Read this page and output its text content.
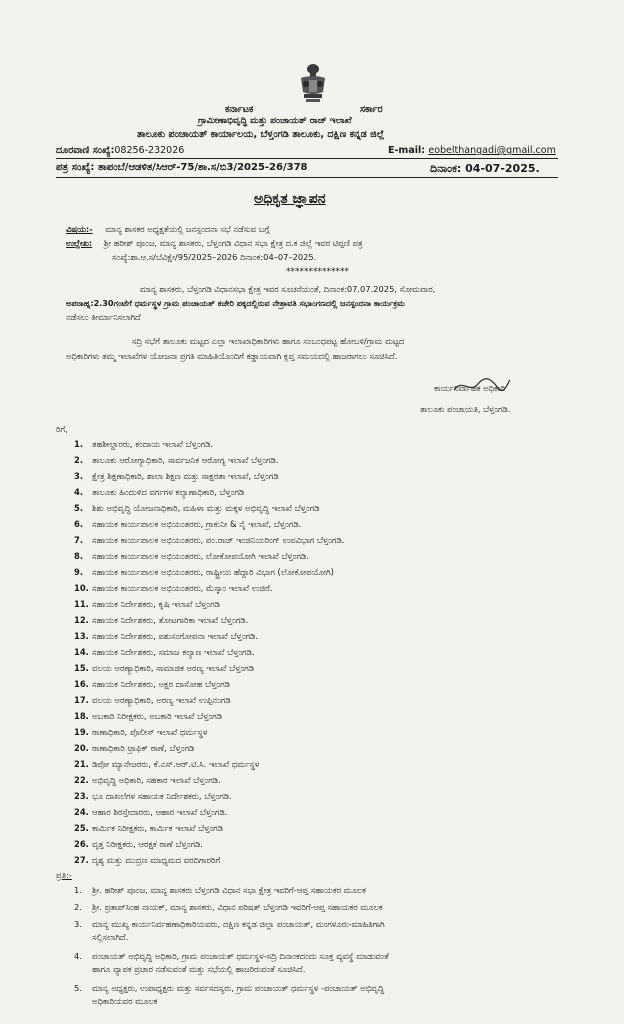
ಕರ್ನಾಟಕ	ಸರ್ಕಾರ
ಗ್ರಾಮೀಣಾಭಿವೃದ್ಧಿ ಮತ್ತು ಪಂಚಾಯತ್ ರಾಜ್ ಇಲಾಖೆ
ತಾಲೂಕು ಪಂಚಾಯತ್ ಕಾರ್ಯಾಲಯ, ಬೆಳ್ತಂಗಡಿ ತಾಲೂಕು, ದಕ್ಷಿಣ ಕನ್ನಡ ಜಿಲ್ಲೆ
ದೂರವಾಣಿ ಸಂಖ್ಯೆ:08256-232026	E-mail: eobelthangadi@gmail.com
ಪತ್ರ ಸಂಖ್ಯೆ: ತಾಪಂಬೆ/ಆಡಳಿತ/ಸಿಆರ್-75/ಶಾ.ಸ/ಬಿ3/2025-26/378	ದಿನಾಂಕ: 04-07-2025.
ಅಧಿಕೃತ ಜ್ಞಾಪನ
ವಿಷಯ:- ಮಾನ್ಯ ಶಾಸಕರ ಅಧ್ಯಕ್ಷತೆಯಲ್ಲಿ ಜನಸ್ಪಂದನಾ ಸಭೆ ನಡೆಸುವ ಬಗ್ಗೆ
ಉಲ್ಲೇಖ: ಶ್ರೀ ಹರೀಶ್ ಪೂಂಜ, ಮಾನ್ಯ ಶಾಸಕರು, ಬೆಳ್ತಂಗಡಿ ವಿಧಾನ ಸಭಾ ಕ್ಷೇತ್ರ ದ.ಕ ಜಿಲ್ಲೆ ಇವರ ಟಿಪ್ಪಣಿ ಪತ್ರ
ಸಂಖ್ಯೆ:ಶಾ.ಆ.ಸ/ಬೆವಿಕ್ಷೇ/95/2025–2026 ದಿನಾಂಕ:04–07–2025.
**************
ಮಾನ್ಯ ಶಾಸಕರು, ಬೆಳ್ತಂಗಡಿ ವಿಧಾನಸಭಾ ಕ್ಷೇತ್ರ ಇವರ ಸೂಚನೆಯಂತೆ, ದಿನಾಂಕ:07.07.2025, ಸೋಮವಾರ,
ಅಪರಾಹ್ನ:2.30ಗಂಟೆಗೆ ಧರ್ಮಸ್ಥಳ ಗ್ರಾಮ ಪಂಚಾಯತ್ ಕಚೇರಿ ಪಕ್ಕದಲ್ಲಿರುವ ನೇತ್ರಾವತಿ ಸಭಾಂಗಣದಲ್ಲಿ ಜನಸ್ಪಂದನಾ ಕಾರ್ಯಕ್ರಮ
ನಡೆಸಲು ತೀರ್ಮಾನಿಸಲಾಗಿದೆ
ಸದ್ರಿ ಸಭೆಗೆ ತಾಲೂಕು ಮಟ್ಟದ ಎಲ್ಲಾ ಇಲಾಖಾಧಿಕಾರಿಗಳು ಹಾಗೂ ಸಂಬಂಧಪಟ್ಟ ಹೋಬಳಿ/ಗ್ರಾಮ ಮಟ್ಟದ
ಅಧಿಕಾರಿಗಳು ತಮ್ಮ ಇಲಾಖೆಗಳ ಯೋಜನಾ ಪ್ರಗತಿ ಮಾಹಿತಿಯೊಂದಿಗೆ ಕಡ್ಡಾಯವಾಗಿ ಕ್ಲಪ್ತ ಸಮಯದಲ್ಲಿ ಹಾಜರಾಗಲು ಸೂಚಿಸಿದೆ.
ಕಾರ್ಯನಿರ್ವಾಹಕ ಅಧಿಕಾರಿ
ತಾಲೂಕು ಪಂಚಾಯತಿ, ಬೆಳ್ತಂಗಡಿ.
ರಿಗೆ,
1. ತಹಶೀಲ್ದಾರರು, ಕಂದಾಯ ಇಲಾಖೆ ಬೆಳ್ತಂಗಡಿ.
2. ತಾಲೂಕು ಆರೋಗ್ಯಾಧಿಕಾರಿ, ಸಾರ್ವಜನಿಕ ಆರೋಗ್ಯ ಇಲಾಖೆ ಬೆಳ್ತಂಗಡಿ.
3. ಕ್ಷೇತ್ರ ಶಿಕ್ಷಣಾಧಿಕಾರಿ, ಶಾಲಾ ಶಿಕ್ಷಣ ಮತ್ತು ಸಾಕ್ಷರತಾ ಇಲಾಖೆ, ಬೆಳ್ತಂಗಡಿ
4. ತಾಲೂಕು ಹಿಂದುಳಿದ ವರ್ಗಗಳ ಕಲ್ಯಾಣಾಧಿಕಾರಿ, ಬೆಳ್ತಂಗಡಿ
5. ಶಿಶು ಅಭಿವೃದ್ಧಿ ಯೋಜನಾಧಿಕಾರಿ, ಮಹಿಳಾ ಮತ್ತು ಮಕ್ಕಳ ಅಭಿವೃದ್ಧಿ ಇಲಾಖೆ ಬೆಳ್ತಂಗಡಿ
6. ಸಹಾಯಕ ಕಾರ್ಯಪಾಲಕ ಅಭಿಯಂತರರು, ಗ್ರಾಕುನೀ & ನೈ ಇಲಾಖೆ, ಬೆಳ್ತಂಗಡಿ.
7. ಸಹಾಯಕ ಕಾರ್ಯಪಾಲಕ ಅಭಿಯಂತರರು, ಪಂ.ರಾಜ್ ಇಂಜಿನಿಯರಿಂಗ್ ಉಪವಿಭಾಗ ಬೆಳ್ತಂಗಡಿ.
8. ಸಹಾಯಕ ಕಾರ್ಯಪಾಲಕ ಅಭಿಯಂತರರು, ಲೋಕೋಪಯೋಗಿ ಇಲಾಖೆ ಬೆಳ್ತಂಗಡಿ.
9. ಸಹಾಯಕ ಕಾರ್ಯಪಾಲಕ ಅಭಿಯಂತರರು, ರಾಷ್ಟ್ರೀಯ ಹೆದ್ದಾರಿ ವಿಭಾಗ (ಲೋಕೋಪಯೋಗಿ)
10. ಸಹಾಯಕ ಕಾರ್ಯಪಾಲಕ ಅಭಿಯಂತರರು, ಮೆಸ್ಕಾಂ ಇಲಾಖೆ ಉಜಿರೆ.
11. ಸಹಾಯಕ ನಿರ್ದೇಶಕರು, ಕೃಷಿ ಇಲಾಖೆ ಬೆಳ್ತಂಗಡಿ
12. ಸಹಾಯಕ ನಿರ್ದೇಶಕರು, ತೋಟಗಾರಿಕಾ ಇಲಾಖೆ ಬೆಳ್ತಂಗಡಿ.
13. ಸಹಾಯಕ ನಿರ್ದೇಶಕರು, ಪಶುಸಂಗೋಪನಾ ಇಲಾಖೆ ಬೆಳ್ತಂಗಡಿ.
14. ಸಹಾಯಕ ನಿರ್ದೇಶಕರು, ಸಮಾಜ ಕಲ್ಯಾಣ ಇಲಾಖೆ ಬೆಳ್ತಂಗಡಿ.
15. ವಲಯ ಅರಣ್ಯಾಧಿಕಾರಿ, ಸಾಮಾಜಿಕ ಅರಣ್ಯ ಇಲಾಖೆ ಬೆಳ್ತಂಗಡಿ
16. ಸಹಾಯಕ ನಿರ್ದೇಶಕರು, ಅಕ್ಷರ ದಾಸೋಹ ಬೆಳ್ತಂಗಡಿ
17. ವಲಯ ಅರಣ್ಯಾಧಿಕಾರಿ, ಅರಣ್ಯ ಇಲಾಖೆ ಉಪ್ಪಿನಂಗಡಿ
18. ಅಬಕಾರಿ ನಿರೀಕ್ಷಕರು, ಅಬಕಾರಿ ಇಲಾಖೆ ಬೆಳ್ತಂಗಡಿ
19. ಠಾಣಾಧಿಕಾರಿ, ಪೊಲೀಸ್ ಇಲಾಖೆ ಧರ್ಮಸ್ಥಳ
20. ಠಾಣಾಧಿಕಾರಿ ಟ್ರಾಫಿಕ್ ಠಾಣೆ, ಬೆಳ್ತಂಗಡಿ
21. ಡಿಪೋ ಮ್ಯಾನೇಜರರು, ಕೆ.ಎಸ್.ಆರ್.ಟಿ.ಸಿ. ಇಲಾಖೆ ಧರ್ಮಸ್ಥಳ
22. ಅಭಿವೃದ್ಧಿ ಅಧಿಕಾರಿ, ಸಹಕಾರ ಇಲಾಖೆ ಬೆಳ್ತಂಗಡಿ.
23. ಭೂ ದಾಖಲೆಗಳ ಸಹಾಯಕ ನಿರ್ದೇಶಕರು, ಬೆಳ್ತಂಗಡಿ.
24. ಆಹಾರ ಶಿರಸ್ತೇದಾರರು, ಆಹಾರ ಇಲಾಖೆ ಬೆಳ್ತಂಗಡಿ.
25. ಕಾರ್ಮಿಕ ನಿರೀಕ್ಷಕರು, ಕಾರ್ಮಿಕ ಇಲಾಖೆ ಬೆಳ್ತಂಗಡಿ
26. ವೃತ್ತ ನಿರೀಕ್ಷಕರು, ಆರಕ್ಷಕ ಠಾಣೆ ಬೆಳ್ತಂಗಡಿ.
27. ದೃಶ್ಯ ಮತ್ತು ಮುದ್ರಣ ಮಾಧ್ಯಮದ ವರದಿಗಾರರಿಗೆ
ಪ್ರತಿ:-
1. ಶ್ರೀ. ಹರೀಶ್ ಪೂಂಜ, ಮಾನ್ಯ ಶಾಸಕರು ಬೆಳ್ತಂಗಡಿ ವಿಧಾನ ಸಭಾ ಕ್ಷೇತ್ರ ಇವರಿಗೆ-ಆಪ್ತ ಸಹಾಯಕರ ಮೂಲಕ
2. ಶ್ರೀ. ಪ್ರತಾಪ್‌ಸಿಂಹ ನಾಯಕ್, ಮಾನ್ಯ ಶಾಸಕರು, ವಿಧಾನ ಪರಿಷತ್ ಬೆಳ್ತಂಗಡಿ ಇವರಿಗೆ-ಆಪ್ತ ಸಹಾಯಕರ ಮೂಲಕ
3. ಮಾನ್ಯ ಮುಖ್ಯ ಕಾರ್ಯನಿರ್ವಹಣಾಧಿಕಾರಿಯವರು, ದಕ್ಷಿಣ ಕನ್ನಡ ಜಿಲ್ಲಾ ಪಂಚಾಯತ್, ಮಂಗಳೂರು-ಮಾಹಿತಿಗಾಗಿ
ಸಲ್ಲಿಸಲಾಗಿದೆ.
4. ಪಂಚಾಯತ್ ಅಭಿವೃದ್ಧಿ ಅಧಿಕಾರಿ, ಗ್ರಾಮ ಪಂಚಾಯತ್ ಧರ್ಮಸ್ಥಳ-ಸದ್ರಿ ದಿನಾಂಕದಂದು ಸೂಕ್ತ ವ್ಯವಸ್ಥೆ ಮಾಡುವಂತೆ
ಹಾಗೂ ವ್ಯಾಪಕ ಪ್ರಚಾರ ನಡೆಸುವಂತೆ ಮತ್ತು ಸಭೆಯಲ್ಲಿ ಹಾಜರಿರುವಂತೆ ಸೂಚಿಸಿದೆ.
5. ಮಾನ್ಯ ಅಧ್ಯಕ್ಷರು, ಉಪಾಧ್ಯಕ್ಷರು ಮತ್ತು ಸರ್ವಸದಸ್ಯರು, ಗ್ರಾಮ ಪಂಚಾಯತ್ ಧರ್ಮಸ್ಥಳ -ಪಂಚಾಯತ್ ಅಭಿವೃದ್ಧಿ
ಅಧಿಕಾರಿಯವರ ಮೂಲಕ
